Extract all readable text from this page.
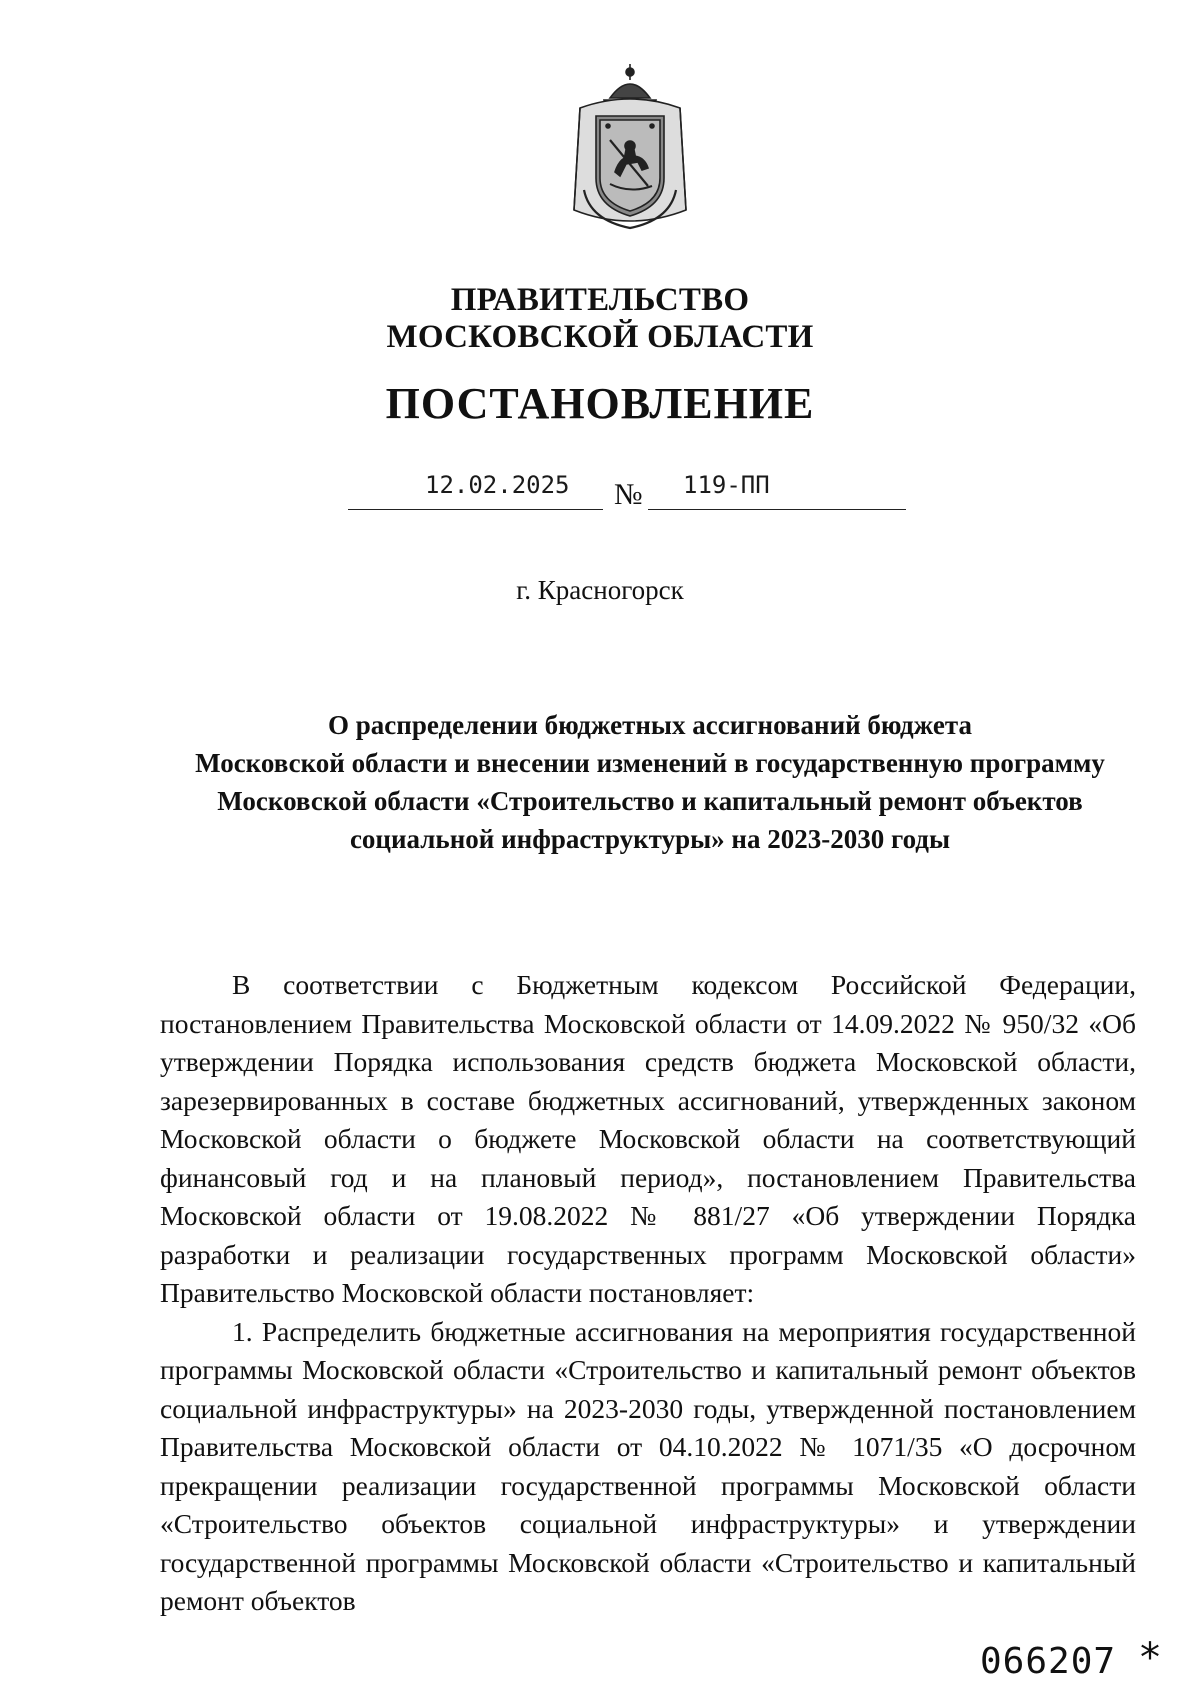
ПРАВИТЕЛЬСТВО
МОСКОВСКОЙ ОБЛАСТИ
ПОСТАНОВЛЕНИЕ
12.02.2025 № 119-ПП
г. Красногорск
О распределении бюджетных ассигнований бюджета
Московской области и внесении изменений в государственную программу
Московской области «Строительство и капитальный ремонт объектов
социальной инфраструктуры» на 2023-2030 годы

В соответствии с Бюджетным кодексом Российской Федерации, постановлением Правительства Московской области от 14.09.2022 № 950/32 «Об утверждении Порядка использования средств бюджета Московской области, зарезервированных в составе бюджетных ассигнований, утвержденных законом Московской области о бюджете Московской области на соответствующий финансовый год и на плановый период», постановлением Правительства Московской области от 19.08.2022 № 881/27 «Об утверждении Порядка разработки и реализации государственных программ Московской области» Правительство Московской области постановляет:

1. Распределить бюджетные ассигнования на мероприятия государственной программы Московской области «Строительство и капитальный ремонт объектов социальной инфраструктуры» на 2023-2030 годы, утвержденной постановлением Правительства Московской области от 04.10.2022 № 1071/35 «О досрочном прекращении реализации государственной программы Московской области «Строительство объектов социальной инфраструктуры» и утверждении государственной программы Московской области «Строительство и капитальный ремонт объектов

066207 *
